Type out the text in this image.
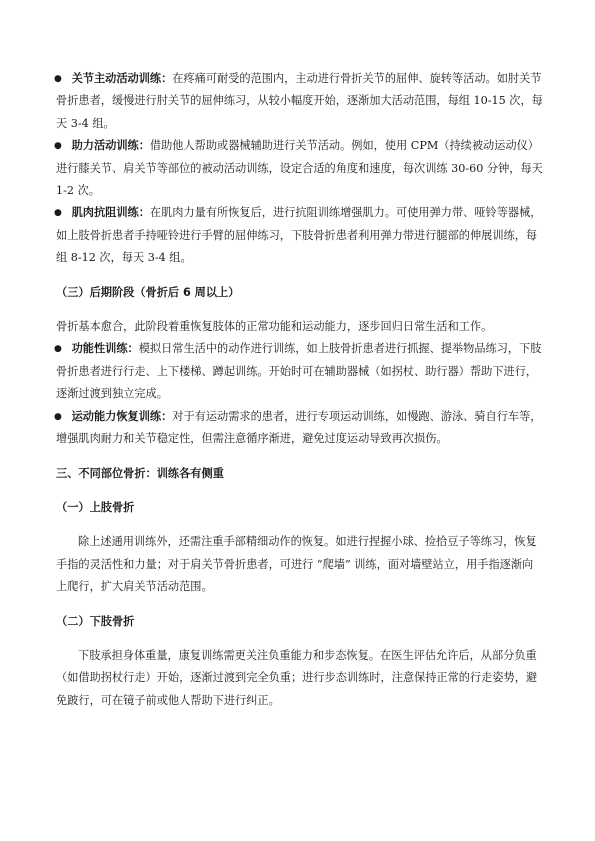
● 关节主动活动训练：在疼痛可耐受的范围内，主动进行骨折关节的屈伸、旋转等活动。如肘关节骨折患者，缓慢进行肘关节的屈伸练习，从较小幅度开始，逐渐加大活动范围，每组 10-15 次，每天 3-4 组。

● 助力活动训练：借助他人帮助或器械辅助进行关节活动。例如，使用 CPM（持续被动运动仪）进行膝关节、肩关节等部位的被动活动训练，设定合适的角度和速度，每次训练 30-60 分钟，每天 1-2 次。

● 肌肉抗阻训练：在肌肉力量有所恢复后，进行抗阻训练增强肌力。可使用弹力带、哑铃等器械，如上肢骨折患者手持哑铃进行手臂的屈伸练习，下肢骨折患者利用弹力带进行腿部的伸展训练，每组 8-12 次，每天 3-4 组。

（三）后期阶段（骨折后 6 周以上）

骨折基本愈合，此阶段着重恢复肢体的正常功能和运动能力，逐步回归日常生活和工作。

● 功能性训练：模拟日常生活中的动作进行训练，如上肢骨折患者进行抓握、提举物品练习，下肢骨折患者进行行走、上下楼梯、蹲起训练。开始时可在辅助器械（如拐杖、助行器）帮助下进行，逐渐过渡到独立完成。

● 运动能力恢复训练：对于有运动需求的患者，进行专项运动训练，如慢跑、游泳、骑自行车等，增强肌肉耐力和关节稳定性，但需注意循序渐进，避免过度运动导致再次损伤。

三、不同部位骨折：训练各有侧重

（一）上肢骨折

除上述通用训练外，还需注重手部精细动作的恢复。如进行捏握小球、捡拾豆子等练习，恢复手指的灵活性和力量；对于肩关节骨折患者，可进行 “爬墙” 训练，面对墙壁站立，用手指逐渐向上爬行，扩大肩关节活动范围。

（二）下肢骨折

下肢承担身体重量，康复训练需更关注负重能力和步态恢复。在医生评估允许后，从部分负重（如借助拐杖行走）开始，逐渐过渡到完全负重；进行步态训练时，注意保持正常的行走姿势，避免跛行，可在镜子前或他人帮助下进行纠正。
